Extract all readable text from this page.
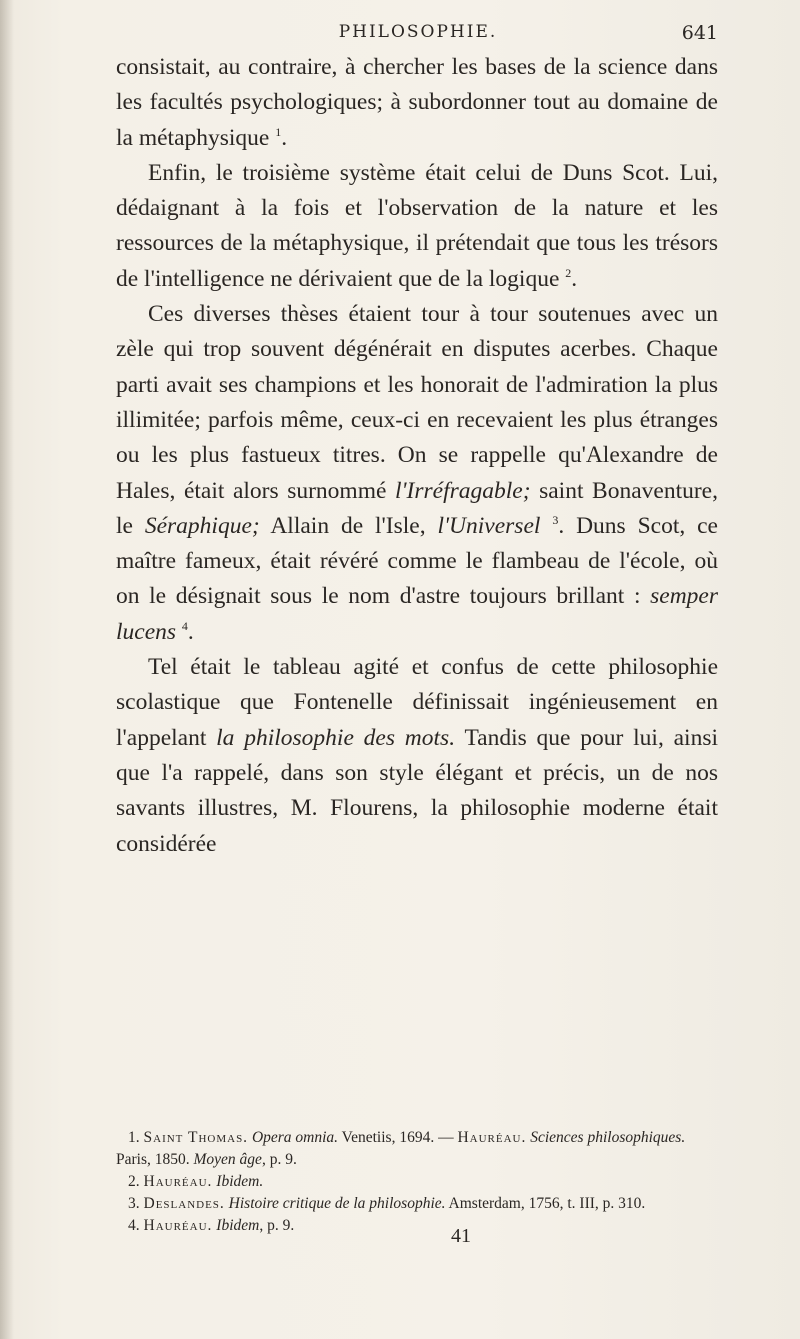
PHILOSOPHIE.	641

consistait, au contraire, à chercher les bases de la science dans les facultés psychologiques; à subordonner tout au domaine de la métaphysique $^1$.

Enfin, le troisième système était celui de Duns Scot. Lui, dédaignant à la fois et l'observation de la nature et les ressources de la métaphysique, il prétendait que tous les trésors de l'intelligence ne dérivaient que de la logique $^2$.

Ces diverses thèses étaient tour à tour soutenues avec un zèle qui trop souvent dégénérait en disputes acerbes. Chaque parti avait ses champions et les honorait de l'admiration la plus illimitée; parfois même, ceux-ci en recevaient les plus étranges ou les plus fastueux titres. On se rappelle qu'Alexandre de Hales, était alors surnommé l'Irréfragable; saint Bonaventure, le Séraphique; Allain de l'Isle, l'Universel $^3$. Duns Scot, ce maître fameux, était révéré comme le flambeau de l'école, où on le désignait sous le nom d'astre toujours brillant : semper lucens $^4$.

Tel était le tableau agité et confus de cette philosophie scolastique que Fontenelle définissait ingénieusement en l'appelant la philosophie des mots. Tandis que pour lui, ainsi que l'a rappelé, dans son style élégant et précis, un de nos savants illustres, M. Flourens, la philosophie moderne était considérée

1. Saint Thomas. Opera omnia. Venetiis, 1694. — Hauréau. Sciences philosophiques. Paris, 1850. Moyen âge, p. 9.
2. Hauréau. Ibidem.
3. Deslandes. Histoire critique de la philosophie. Amsterdam, 1756, t. III, p. 310.
4. Hauréau. Ibidem, p. 9.	41
